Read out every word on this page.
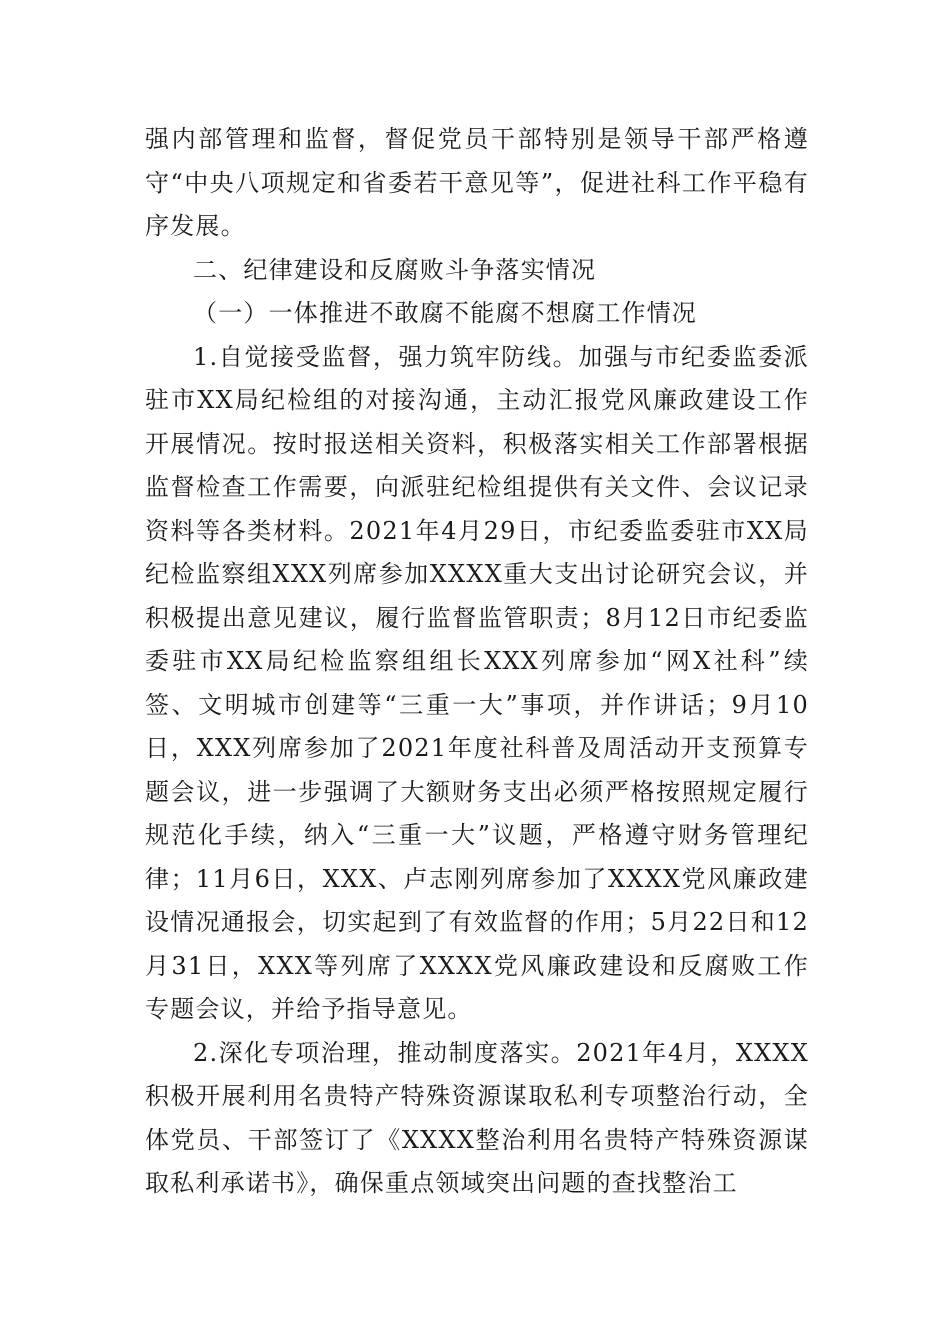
强内部管理和监督，督促党员干部特别是领导干部严格遵守“中央八项规定和省委若干意见等”，促进社科工作平稳有序发展。

二、纪律建设和反腐败斗争落实情况

（一）一体推进不敢腐不能腐不想腐工作情况

1.自觉接受监督，强力筑牢防线。加强与市纪委监委派驻市XX局纪检组的对接沟通，主动汇报党风廉政建设工作开展情况。按时报送相关资料，积极落实相关工作部署根据监督检查工作需要，向派驻纪检组提供有关文件、会议记录资料等各类材料。2021年4月29日，市纪委监委驻市XX局纪检监察组XXX列席参加XXXX重大支出讨论研究会议，并积极提出意见建议，履行监督监管职责；8月12日市纪委监委驻市XX局纪检监察组组长XXX列席参加“网X社科”续签、文明城市创建等“三重一大”事项，并作讲话；9月10日，XXX列席参加了2021年度社科普及周活动开支预算专题会议，进一步强调了大额财务支出必须严格按照规定履行规范化手续，纳入“三重一大”议题，严格遵守财务管理纪律；11月6日，XXX、卢志刚列席参加了XXXX党风廉政建设情况通报会，切实起到了有效监督的作用；5月22日和12月31日，XXX等列席了XXXX党风廉政建设和反腐败工作专题会议，并给予指导意见。

2.深化专项治理，推动制度落实。2021年4月，XXXX积极开展利用名贵特产特殊资源谋取私利专项整治行动，全体党员、干部签订了《XXXX整治利用名贵特产特殊资源谋取私利承诺书》，确保重点领域突出问题的查找整治工
